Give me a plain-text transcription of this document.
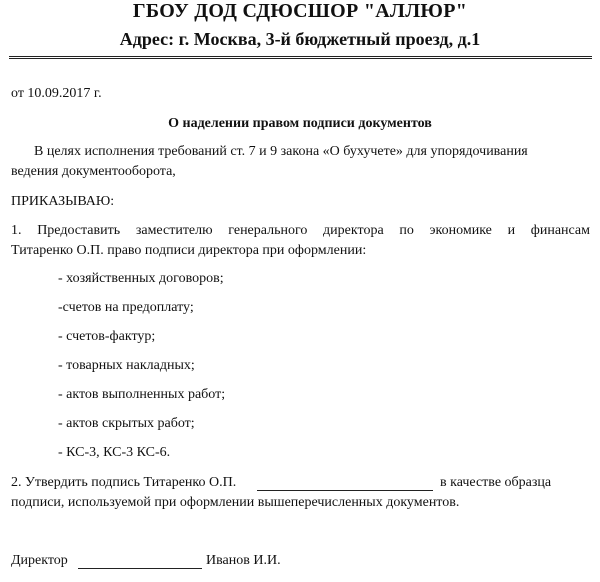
ГБОУ ДОД СДЮСШОР "АЛЛЮР"
Адрес: г. Москва, 3-й бюджетный проезд, д.1
от 10.09.2017 г.
О наделении правом подписи документов
В целях исполнения требований ст. 7 и 9 закона «О бухучете» для упорядочивания
ведения документооборота,
ПРИКАЗЫВАЮ:
1. Предоставить заместителю генерального директора по экономике и финансам
Титаренко О.П. право подписи директора при оформлении:
- хозяйственных договоров;
-счетов на предоплату;
- счетов-фактур;
- товарных накладных;
- актов выполненных работ;
- актов скрытых работ;
- КС-3, КС-3 КС-6.
2. Утвердить подпись Титаренко О.П.	в качестве образца
подписи, используемой при оформлении вышеперечисленных документов.
Директор	Иванов И.И.
